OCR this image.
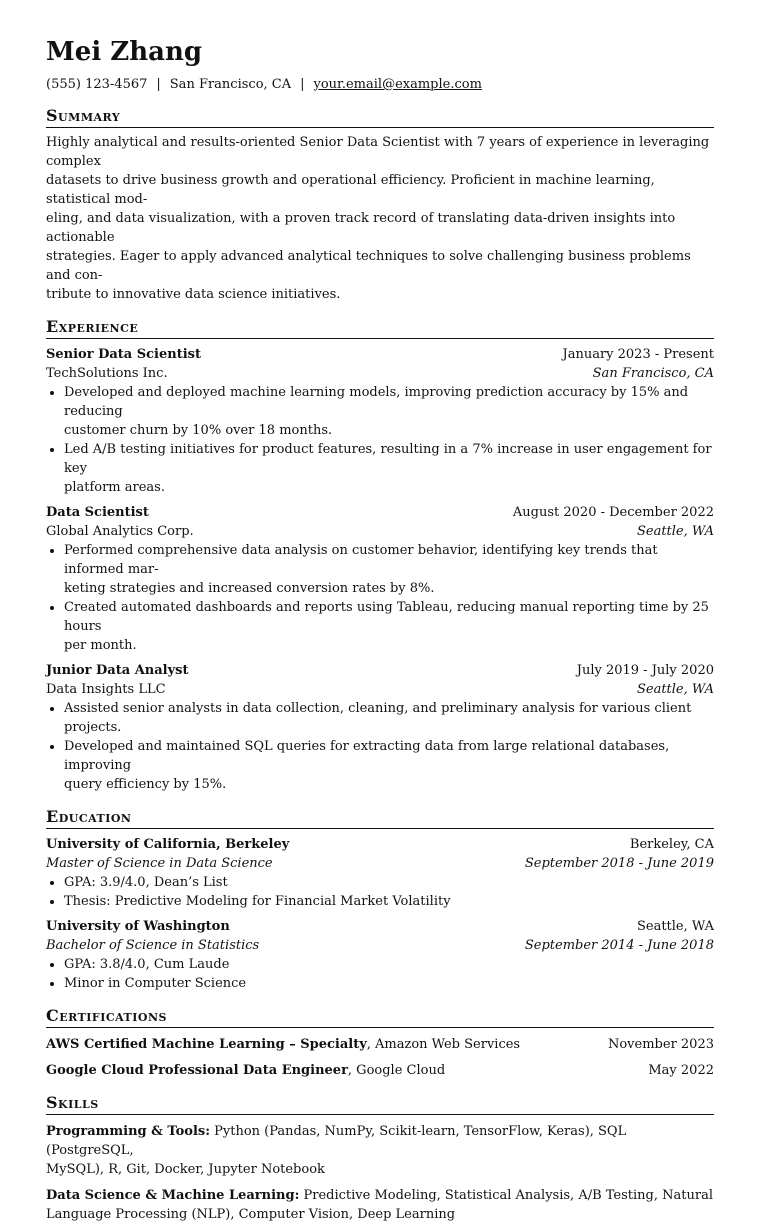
Mei Zhang
(555) 123-4567 | San Francisco, CA | your.email@example.com
Summary
Highly analytical and results-oriented Senior Data Scientist with 7 years of experience in leveraging complex
datasets to drive business growth and operational efficiency. Proficient in machine learning, statistical mod-
eling, and data visualization, with a proven track record of translating data-driven insights into actionable
strategies. Eager to apply advanced analytical techniques to solve challenging business problems and con-
tribute to innovative data science initiatives.
Experience
Senior Data Scientist	January 2023 - Present
TechSolutions Inc.	San Francisco, CA
• Developed and deployed machine learning models, improving prediction accuracy by 15% and reducing
customer churn by 10% over 18 months.
• Led A/B testing initiatives for product features, resulting in a 7% increase in user engagement for key
platform areas.
Data Scientist	August 2020 - December 2022
Global Analytics Corp.	Seattle, WA
• Performed comprehensive data analysis on customer behavior, identifying key trends that informed mar-
keting strategies and increased conversion rates by 8%.
• Created automated dashboards and reports using Tableau, reducing manual reporting time by 25 hours
per month.
Junior Data Analyst	July 2019 - July 2020
Data Insights LLC	Seattle, WA
• Assisted senior analysts in data collection, cleaning, and preliminary analysis for various client projects.
• Developed and maintained SQL queries for extracting data from large relational databases, improving
query efficiency by 15%.
Education
University of California, Berkeley	Berkeley, CA
Master of Science in Data Science	September 2018 - June 2019
• GPA: 3.9/4.0, Dean’s List
• Thesis: Predictive Modeling for Financial Market Volatility
University of Washington	Seattle, WA
Bachelor of Science in Statistics	September 2014 - June 2018
• GPA: 3.8/4.0, Cum Laude
• Minor in Computer Science
Certifications
AWS Certified Machine Learning – Specialty, Amazon Web Services	November 2023
Google Cloud Professional Data Engineer, Google Cloud	May 2022
Skills
Programming & Tools: Python (Pandas, NumPy, Scikit-learn, TensorFlow, Keras), SQL (PostgreSQL,
MySQL), R, Git, Docker, Jupyter Notebook
Data Science & Machine Learning: Predictive Modeling, Statistical Analysis, A/B Testing, Natural
Language Processing (NLP), Computer Vision, Deep Learning
